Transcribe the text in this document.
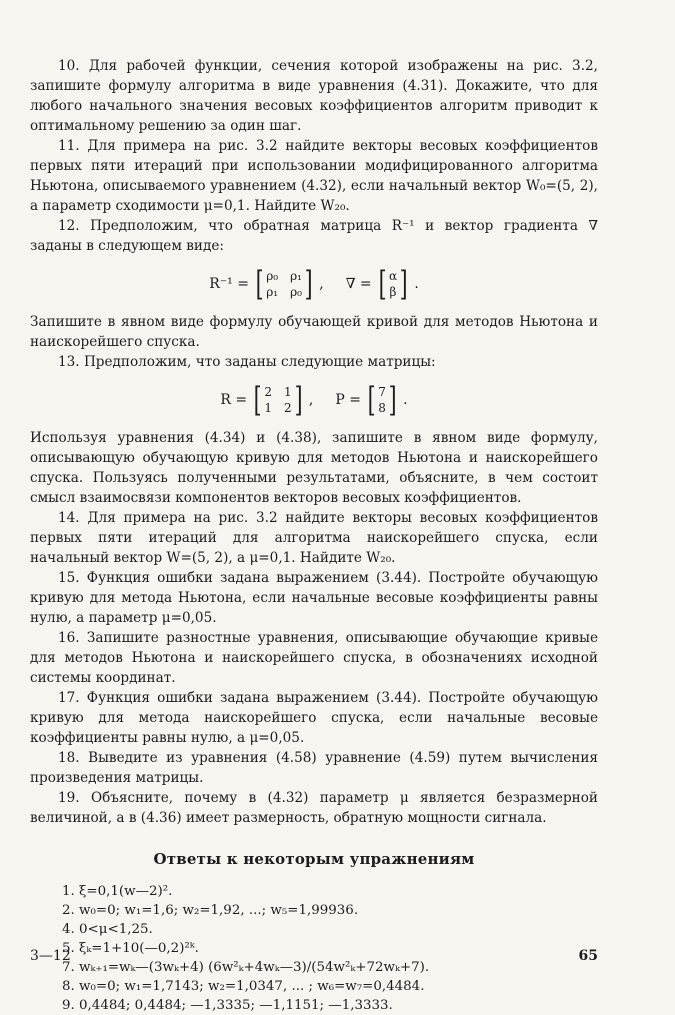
10. Для рабочей функции, сечения которой изображены на рис. 3.2, запишите формулу алгоритма в виде уравнения (4.31). Докажите, что для любого начального значения весовых коэффициентов алгоритм приводит к оптимальному решению за один шаг.
11. Для примера на рис. 3.2 найдите векторы весовых коэффициентов первых пяти итераций при использовании модифицированного алгоритма Ньютона, описываемого уравнением (4.32), если начальный вектор W₀=(5, 2), а параметр сходимости μ=0,1. Найдите W₂₀.
12. Предположим, что обратная матрица R⁻¹ и вектор градиента ∇ заданы в следующем виде:
R⁻¹ = [ ρ₀ ρ₁
ρ₁ ρ₀ ] , ∇ = [ α
β ] .
Запишите в явном виде формулу обучающей кривой для методов Ньютона и наискорейшего спуска.
13. Предположим, что заданы следующие матрицы:
R = [ 2 1
1 2 ] , P = [ 7
8 ] .
Используя уравнения (4.34) и (4.38), запишите в явном виде формулу, описывающую обучающую кривую для методов Ньютона и наискорейшего спуска. Пользуясь полученными результатами, объясните, в чем состоит смысл взаимосвязи компонентов векторов весовых коэффициентов.
14. Для примера на рис. 3.2 найдите векторы весовых коэффициентов первых пяти итераций для алгоритма наискорейшего спуска, если начальный вектор W=(5, 2), а μ=0,1. Найдите W₂₀.
15. Функция ошибки задана выражением (3.44). Постройте обучающую кривую для метода Ньютона, если начальные весовые коэффициенты равны нулю, а параметр μ=0,05.
16. Запишите разностные уравнения, описывающие обучающие кривые для методов Ньютона и наискорейшего спуска, в обозначениях исходной системы координат.
17. Функция ошибки задана выражением (3.44). Постройте обучающую кривую для метода наискорейшего спуска, если начальные весовые коэффициенты равны нулю, а μ=0,05.
18. Выведите из уравнения (4.58) уравнение (4.59) путем вычисления произведения матрицы.
19. Объясните, почему в (4.32) параметр μ является безразмерной величиной, а в (4.36) имеет размерность, обратную мощности сигнала.
Ответы к некоторым упражнениям
1. ξ=0,1(w—2)².
2. w₀=0; w₁=1,6; w₂=1,92, ...; w₅=1,99936.
4. 0<μ<1,25.
5. ξₖ=1+10(—0,2)²ᵏ.
7. wₖ₊₁=wₖ—(3wₖ+4) (6w²ₖ+4wₖ—3)/(54w²ₖ+72wₖ+7).
8. w₀=0; w₁=1,7143; w₂=1,0347, ... ; w₆=w₇=0,4484.
9. 0,4484; 0,4484; —1,3335; —1,1151; —1,3333.
3—12	65
